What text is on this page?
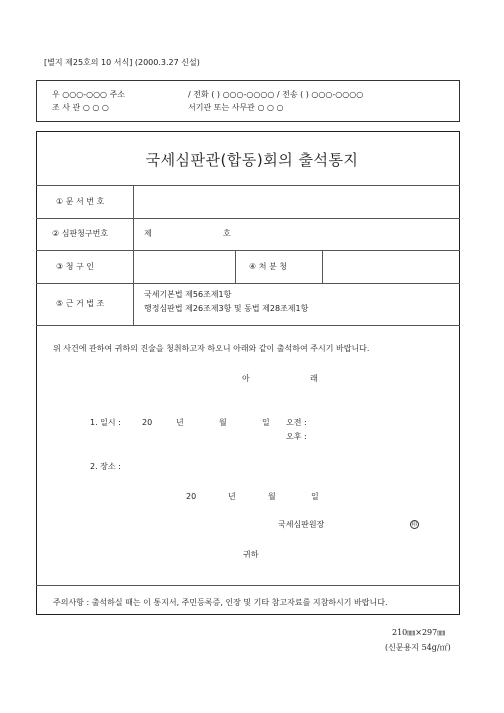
[별지 제25호의 10 서식] (2000.3.27 신설)
우 ○○○-○○○ 주소	/ 전화 ( ) ○○○-○○○○ / 전송 ( ) ○○○-○○○○
조 사 관 ○ ○ ○	서기관 또는 사무관 ○ ○ ○
국세심판관(합동)회의 출석통지
① 문 서 번 호
② 심판청구번호	제	호
③ 청 구 인	④ 처 분 청
⑤ 근 거 법 조
국세기본법 제56조제1항
행정심판법 제26조제3항 및 동법 제28조제1항
위 사건에 관하여 귀하의 진술을 청취하고자 하오니 아래와 같이 출석하여 주시기 바랍니다.
아	래
1. 일시 :	20	년	월	일 오전 :
오후 :
2. 장소 :
20	년	월	일
국세심판원장	印
귀하
주의사항 : 출석하실 때는 이 통지서, 주민등록증, 인장 및 기타 참고자료를 지참하시기 바랍니다.
210㎜×297㎜
(신문용지 54g/㎡)
